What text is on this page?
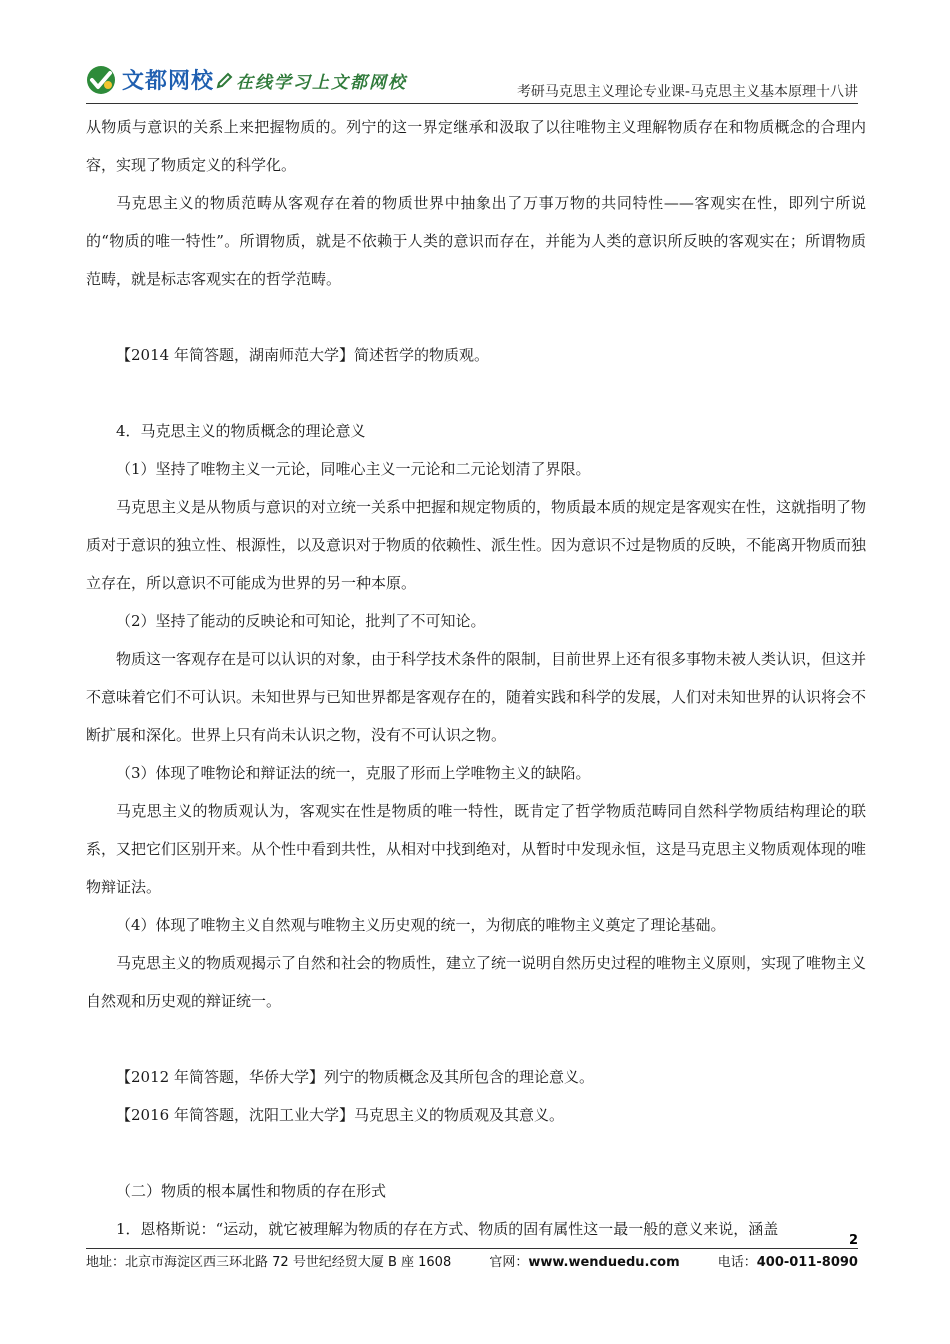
文都网校 在线学习上文都网校	考研马克思主义理论专业课-马克思主义基本原理十八讲

从物质与意识的关系上来把握物质的。列宁的这一界定继承和汲取了以往唯物主义理解物质存在和物质概念的合理内容，实现了物质定义的科学化。

马克思主义的物质范畴从客观存在着的物质世界中抽象出了万事万物的共同特性——客观实在性，即列宁所说的“物质的唯一特性”。所谓物质，就是不依赖于人类的意识而存在，并能为人类的意识所反映的客观实在；所谓物质范畴，就是标志客观实在的哲学范畴。

【2014 年简答题，湖南师范大学】简述哲学的物质观。

4．马克思主义的物质概念的理论意义

（1）坚持了唯物主义一元论，同唯心主义一元论和二元论划清了界限。

马克思主义是从物质与意识的对立统一关系中把握和规定物质的，物质最本质的规定是客观实在性，这就指明了物质对于意识的独立性、根源性，以及意识对于物质的依赖性、派生性。因为意识不过是物质的反映，不能离开物质而独立存在，所以意识不可能成为世界的另一种本原。

（2）坚持了能动的反映论和可知论，批判了不可知论。

物质这一客观存在是可以认识的对象，由于科学技术条件的限制，目前世界上还有很多事物未被人类认识，但这并不意味着它们不可认识。未知世界与已知世界都是客观存在的，随着实践和科学的发展，人们对未知世界的认识将会不断扩展和深化。世界上只有尚未认识之物，没有不可认识之物。

（3）体现了唯物论和辩证法的统一，克服了形而上学唯物主义的缺陷。

马克思主义的物质观认为，客观实在性是物质的唯一特性，既肯定了哲学物质范畴同自然科学物质结构理论的联系，又把它们区别开来。从个性中看到共性，从相对中找到绝对，从暂时中发现永恒，这是马克思主义物质观体现的唯物辩证法。

（4）体现了唯物主义自然观与唯物主义历史观的统一，为彻底的唯物主义奠定了理论基础。

马克思主义的物质观揭示了自然和社会的物质性，建立了统一说明自然历史过程的唯物主义原则，实现了唯物主义自然观和历史观的辩证统一。

【2012 年简答题，华侨大学】列宁的物质概念及其所包含的理论意义。

【2016 年简答题，沈阳工业大学】马克思主义的物质观及其意义。

（二）物质的根本属性和物质的存在形式

1．恩格斯说：“运动，就它被理解为物质的存在方式、物质的固有属性这一最一般的意义来说，涵盖

2
地址：北京市海淀区西三环北路 72 号世纪经贸大厦 B 座 1608	官网：www.wenduedu.com	电话：400-011-8090
